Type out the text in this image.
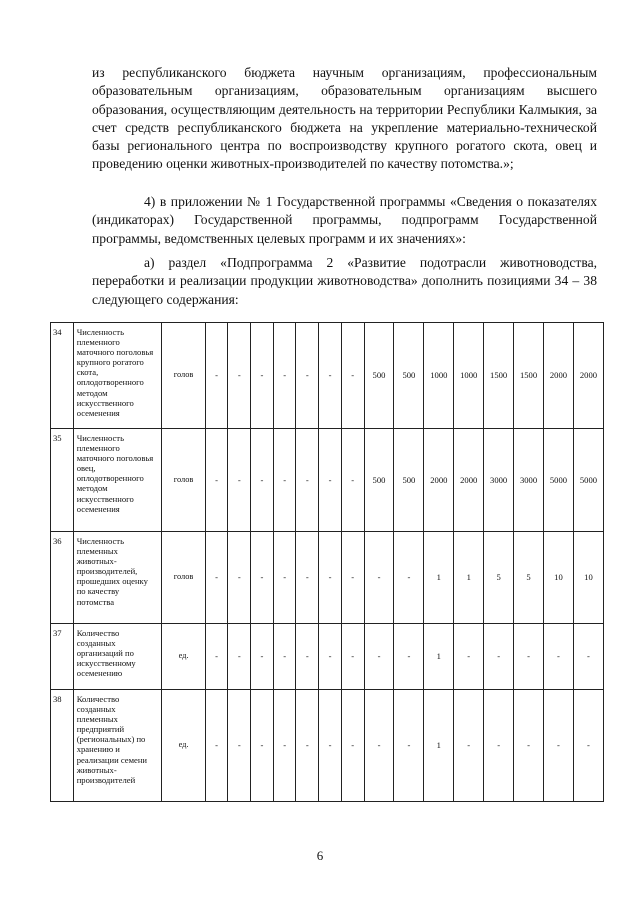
из республиканского бюджета научным организациям, профессиональным образовательным организациям, образовательным организациям высшего образования, осуществляющим деятельность на территории Республики Калмыкия, за счет средств республиканского бюджета на укрепление материально-технической базы регионального центра по воспроизводству крупного рогатого скота, овец и проведению оценки животных-производителей по качеству потомства.»;
4) в приложении № 1 Государственной программы «Сведения о показателях (индикаторах) Государственной программы, подпрограмм Государственной программы, ведомственных целевых программ и их значениях»:
а) раздел «Подпрограмма 2 «Развитие подотрасли животноводства, переработки и реализации продукции животноводства» дополнить позициями 34 – 38 следующего содержания:
34	Численность племенного маточного поголовья крупного рогатого скота, оплодотворенного методом искусственного осеменения	голов	-	-	-	-	-	-	-	500	500	1000	1000	1500	1500	2000	2000
35	Численность племенного маточного поголовья овец, оплодотворенного методом искусственного осеменения	голов	-	-	-	-	-	-	-	500	500	2000	2000	3000	3000	5000	5000
36	Численность племенных животных-производителей, прошедших оценку по качеству потомства	голов	-	-	-	-	-	-	-	-	-	1	1	5	5	10	10
37	Количество созданных организаций по искусственному осеменению	ед.	-	-	-	-	-	-	-	-	-	1	-	-	-	-	-
38	Количество созданных племенных предприятий (региональных) по хранению и реализации семени животных-производителей	ед.	-	-	-	-	-	-	-	-	-	1	-	-	-	-	-
6
